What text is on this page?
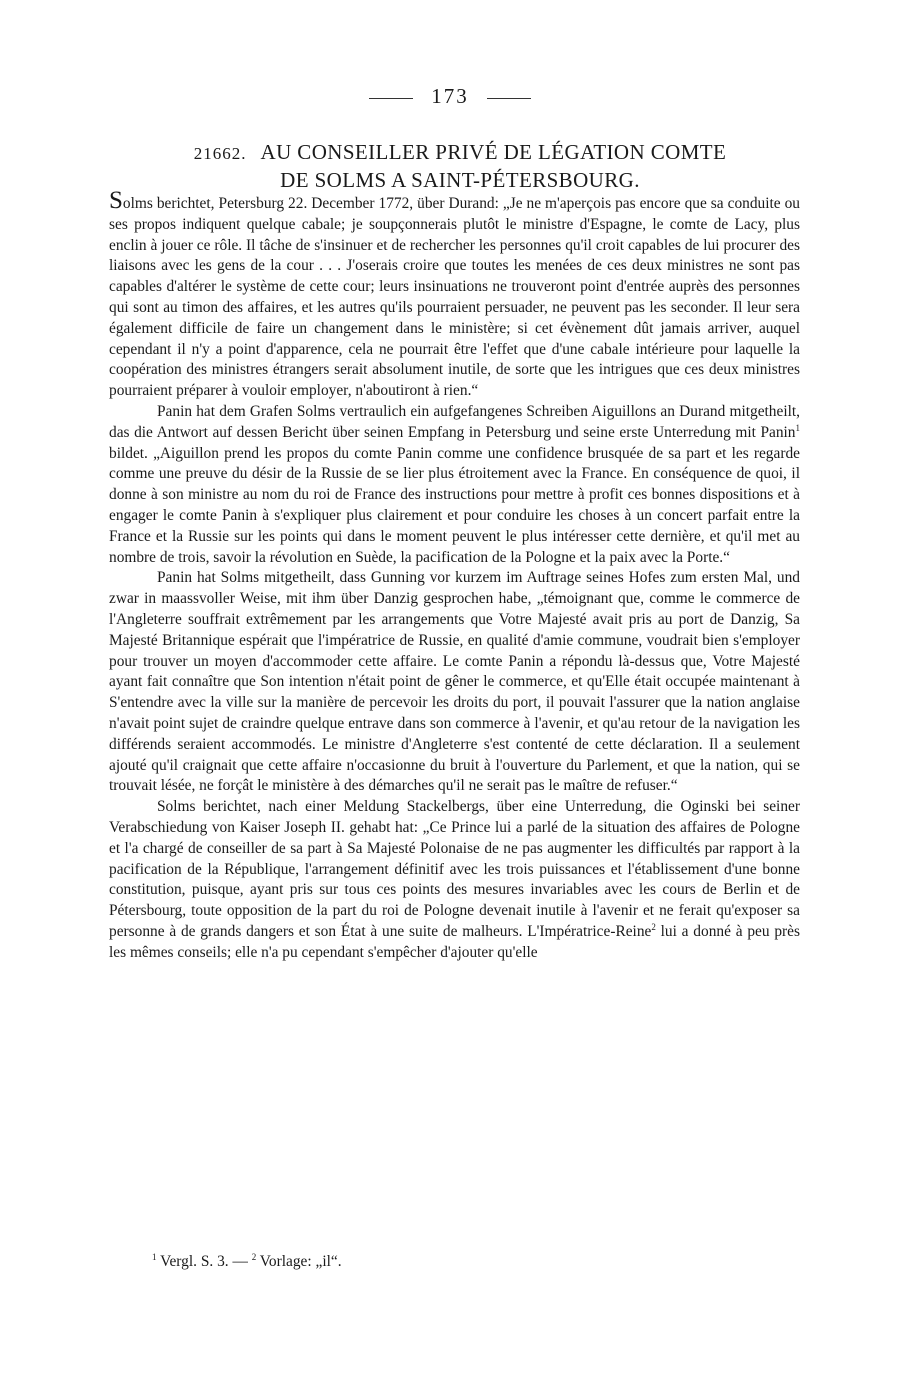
173
21662. AU CONSEILLER PRIVÉ DE LÉGATION COMTE
DE SOLMS A SAINT-PÉTERSBOURG.

Solms berichtet, Petersburg 22. December 1772, über Durand: „Je ne m'aperçois pas encore que sa conduite ou ses propos indiquent quelque cabale; je soupçonnerais plutôt le ministre d'Espagne, le comte de Lacy, plus enclin à jouer ce rôle. Il tâche de s'insinuer et de rechercher les personnes qu'il croit capables de lui procurer des liaisons avec les gens de la cour . . . J'oserais croire que toutes les menées de ces deux ministres ne sont pas capables d'altérer le système de cette cour; leurs insinuations ne trouveront point d'entrée auprès des personnes qui sont au timon des affaires, et les autres qu'ils pourraient persuader, ne peuvent pas les seconder. Il leur sera également difficile de faire un changement dans le ministère; si cet évènement dût jamais arriver, auquel cependant il n'y a point d'apparence, cela ne pourrait être l'effet que d'une cabale intérieure pour laquelle la coopération des ministres étrangers serait absolument inutile, de sorte que les intrigues que ces deux ministres pourraient préparer à vouloir employer, n'aboutiront à rien.“

Panin hat dem Grafen Solms vertraulich ein aufgefangenes Schreiben Aiguillons an Durand mitgetheilt, das die Antwort auf dessen Bericht über seinen Empfang in Petersburg und seine erste Unterredung mit Panin$^1$ bildet. „Aiguillon prend les propos du comte Panin comme une confidence brusquée de sa part et les regarde comme une preuve du désir de la Russie de se lier plus étroitement avec la France. En conséquence de quoi, il donne à son ministre au nom du roi de France des instructions pour mettre à profit ces bonnes dispositions et à engager le comte Panin à s'expliquer plus clairement et pour conduire les choses à un concert parfait entre la France et la Russie sur les points qui dans le moment peuvent le plus intéresser cette dernière, et qu'il met au nombre de trois, savoir la révolution en Suède, la pacification de la Pologne et la paix avec la Porte.“

Panin hat Solms mitgetheilt, dass Gunning vor kurzem im Auftrage seines Hofes zum ersten Mal, und zwar in maassvoller Weise, mit ihm über Danzig gesprochen habe, „témoignant que, comme le commerce de l'Angleterre souffrait extrêmement par les arrangements que Votre Majesté avait pris au port de Danzig, Sa Majesté Britannique espérait que l'impératrice de Russie, en qualité d'amie commune, voudrait bien s'employer pour trouver un moyen d'accommoder cette affaire. Le comte Panin a répondu là-dessus que, Votre Majesté ayant fait connaître que Son intention n'était point de gêner le commerce, et qu'Elle était occupée maintenant à S'entendre avec la ville sur la manière de percevoir les droits du port, il pouvait l'assurer que la nation anglaise n'avait point sujet de craindre quelque entrave dans son commerce à l'avenir, et qu'au retour de la navigation les différends seraient accommodés. Le ministre d'Angleterre s'est contenté de cette déclaration. Il a seulement ajouté qu'il craignait que cette affaire n'occasionne du bruit à l'ouverture du Parlement, et que la nation, qui se trouvait lésée, ne forçât le ministère à des démarches qu'il ne serait pas le maître de refuser.“

Solms berichtet, nach einer Meldung Stackelbergs, über eine Unterredung, die Oginski bei seiner Verabschiedung von Kaiser Joseph II. gehabt hat: „Ce Prince lui a parlé de la situation des affaires de Pologne et l'a chargé de conseiller de sa part à Sa Majesté Polonaise de ne pas augmenter les difficultés par rapport à la pacification de la République, l'arrangement définitif avec les trois puissances et l'établissement d'une bonne constitution, puisque, ayant pris sur tous ces points des mesures invariables avec les cours de Berlin et de Pétersbourg, toute opposition de la part du roi de Pologne devenait inutile à l'avenir et ne ferait qu'exposer sa personne à de grands dangers et son État à une suite de malheurs. L'Impératrice-Reine$^2$ lui a donné à peu près les mêmes conseils; elle n'a pu cependant s'empêcher d'ajouter qu'elle

$^1$ Vergl. S. 3. — $^2$ Vorlage: „il“.
